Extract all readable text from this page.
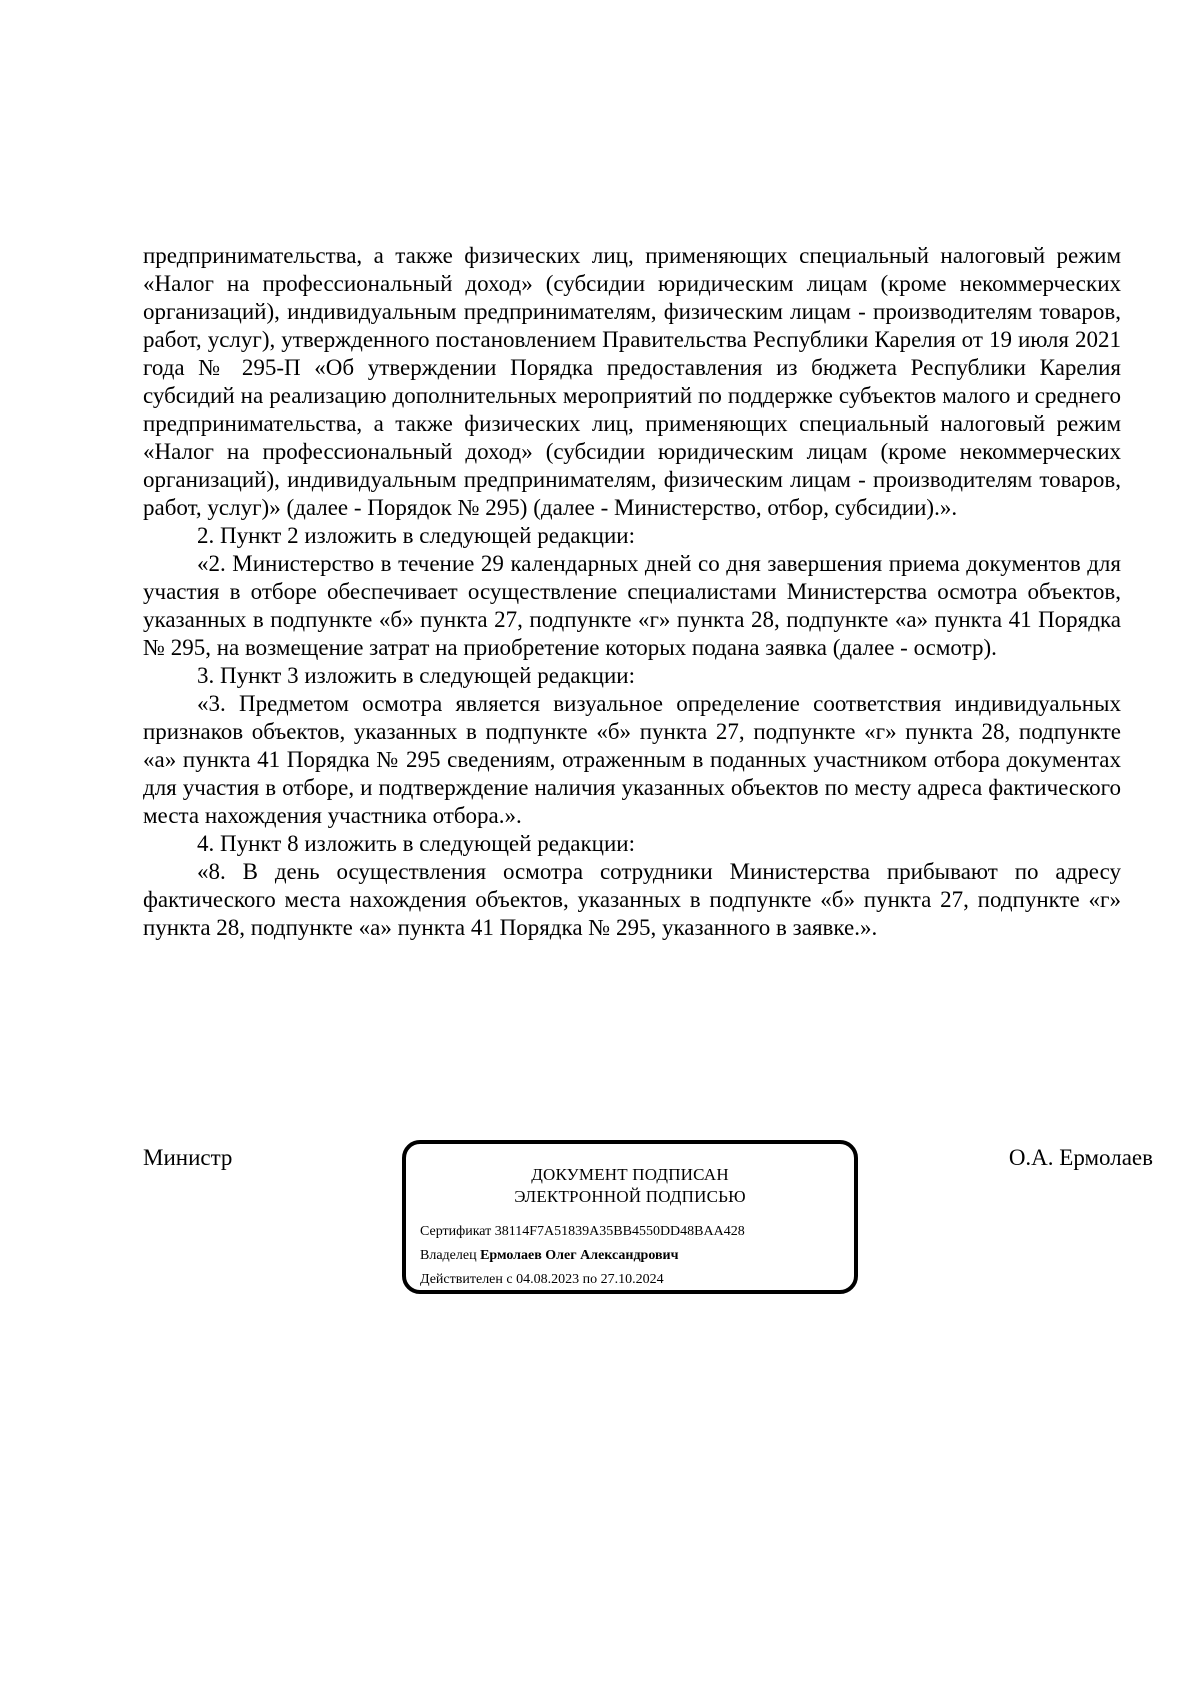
предпринимательства, а также физических лиц, применяющих специальный налоговый режим «Налог на профессиональный доход» (субсидии юридическим лицам (кроме некоммерческих организаций), индивидуальным предпринимателям, физическим лицам - производителям товаров, работ, услуг), утвержденного постановлением Правительства Республики Карелия от 19 июля 2021 года № 295-П «Об утверждении Порядка предоставления из бюджета Республики Карелия субсидий на реализацию дополнительных мероприятий по поддержке субъектов малого и среднего предпринимательства, а также физических лиц, применяющих специальный налоговый режим «Налог на профессиональный доход» (субсидии юридическим лицам (кроме некоммерческих организаций), индивидуальным предпринимателям, физическим лицам - производителям товаров, работ, услуг)» (далее - Порядок № 295) (далее - Министерство, отбор, субсидии).».

2. Пункт 2 изложить в следующей редакции:

«2. Министерство в течение 29 календарных дней со дня завершения приема документов для участия в отборе обеспечивает осуществление специалистами Министерства осмотра объектов, указанных в подпункте «б» пункта 27, подпункте «г» пункта 28, подпункте «а» пункта 41 Порядка № 295, на возмещение затрат на приобретение которых подана заявка (далее - осмотр).

3. Пункт 3 изложить в следующей редакции:

«3. Предметом осмотра является визуальное определение соответствия индивидуальных признаков объектов, указанных в подпункте «б» пункта 27, подпункте «г» пункта 28, подпункте «а» пункта 41 Порядка № 295 сведениям, отраженным в поданных участником отбора документах для участия в отборе, и подтверждение наличия указанных объектов по месту адреса фактического места нахождения участника отбора.».

4. Пункт 8 изложить в следующей редакции:

«8. В день осуществления осмотра сотрудники Министерства прибывают по адресу фактического места нахождения объектов, указанных в подпункте «б» пункта 27, подпункте «г» пункта 28, подпункте «а» пункта 41 Порядка № 295, указанного в заявке.».

Министр
ДОКУМЕНТ ПОДПИСАН
ЭЛЕКТРОННОЙ ПОДПИСЬЮ
Сертификат 38114F7A51839A35BB4550DD48BAA428
Владелец Ермолаев Олег Александрович
Действителен с 04.08.2023 по 27.10.2024
О.А. Ермолаев
